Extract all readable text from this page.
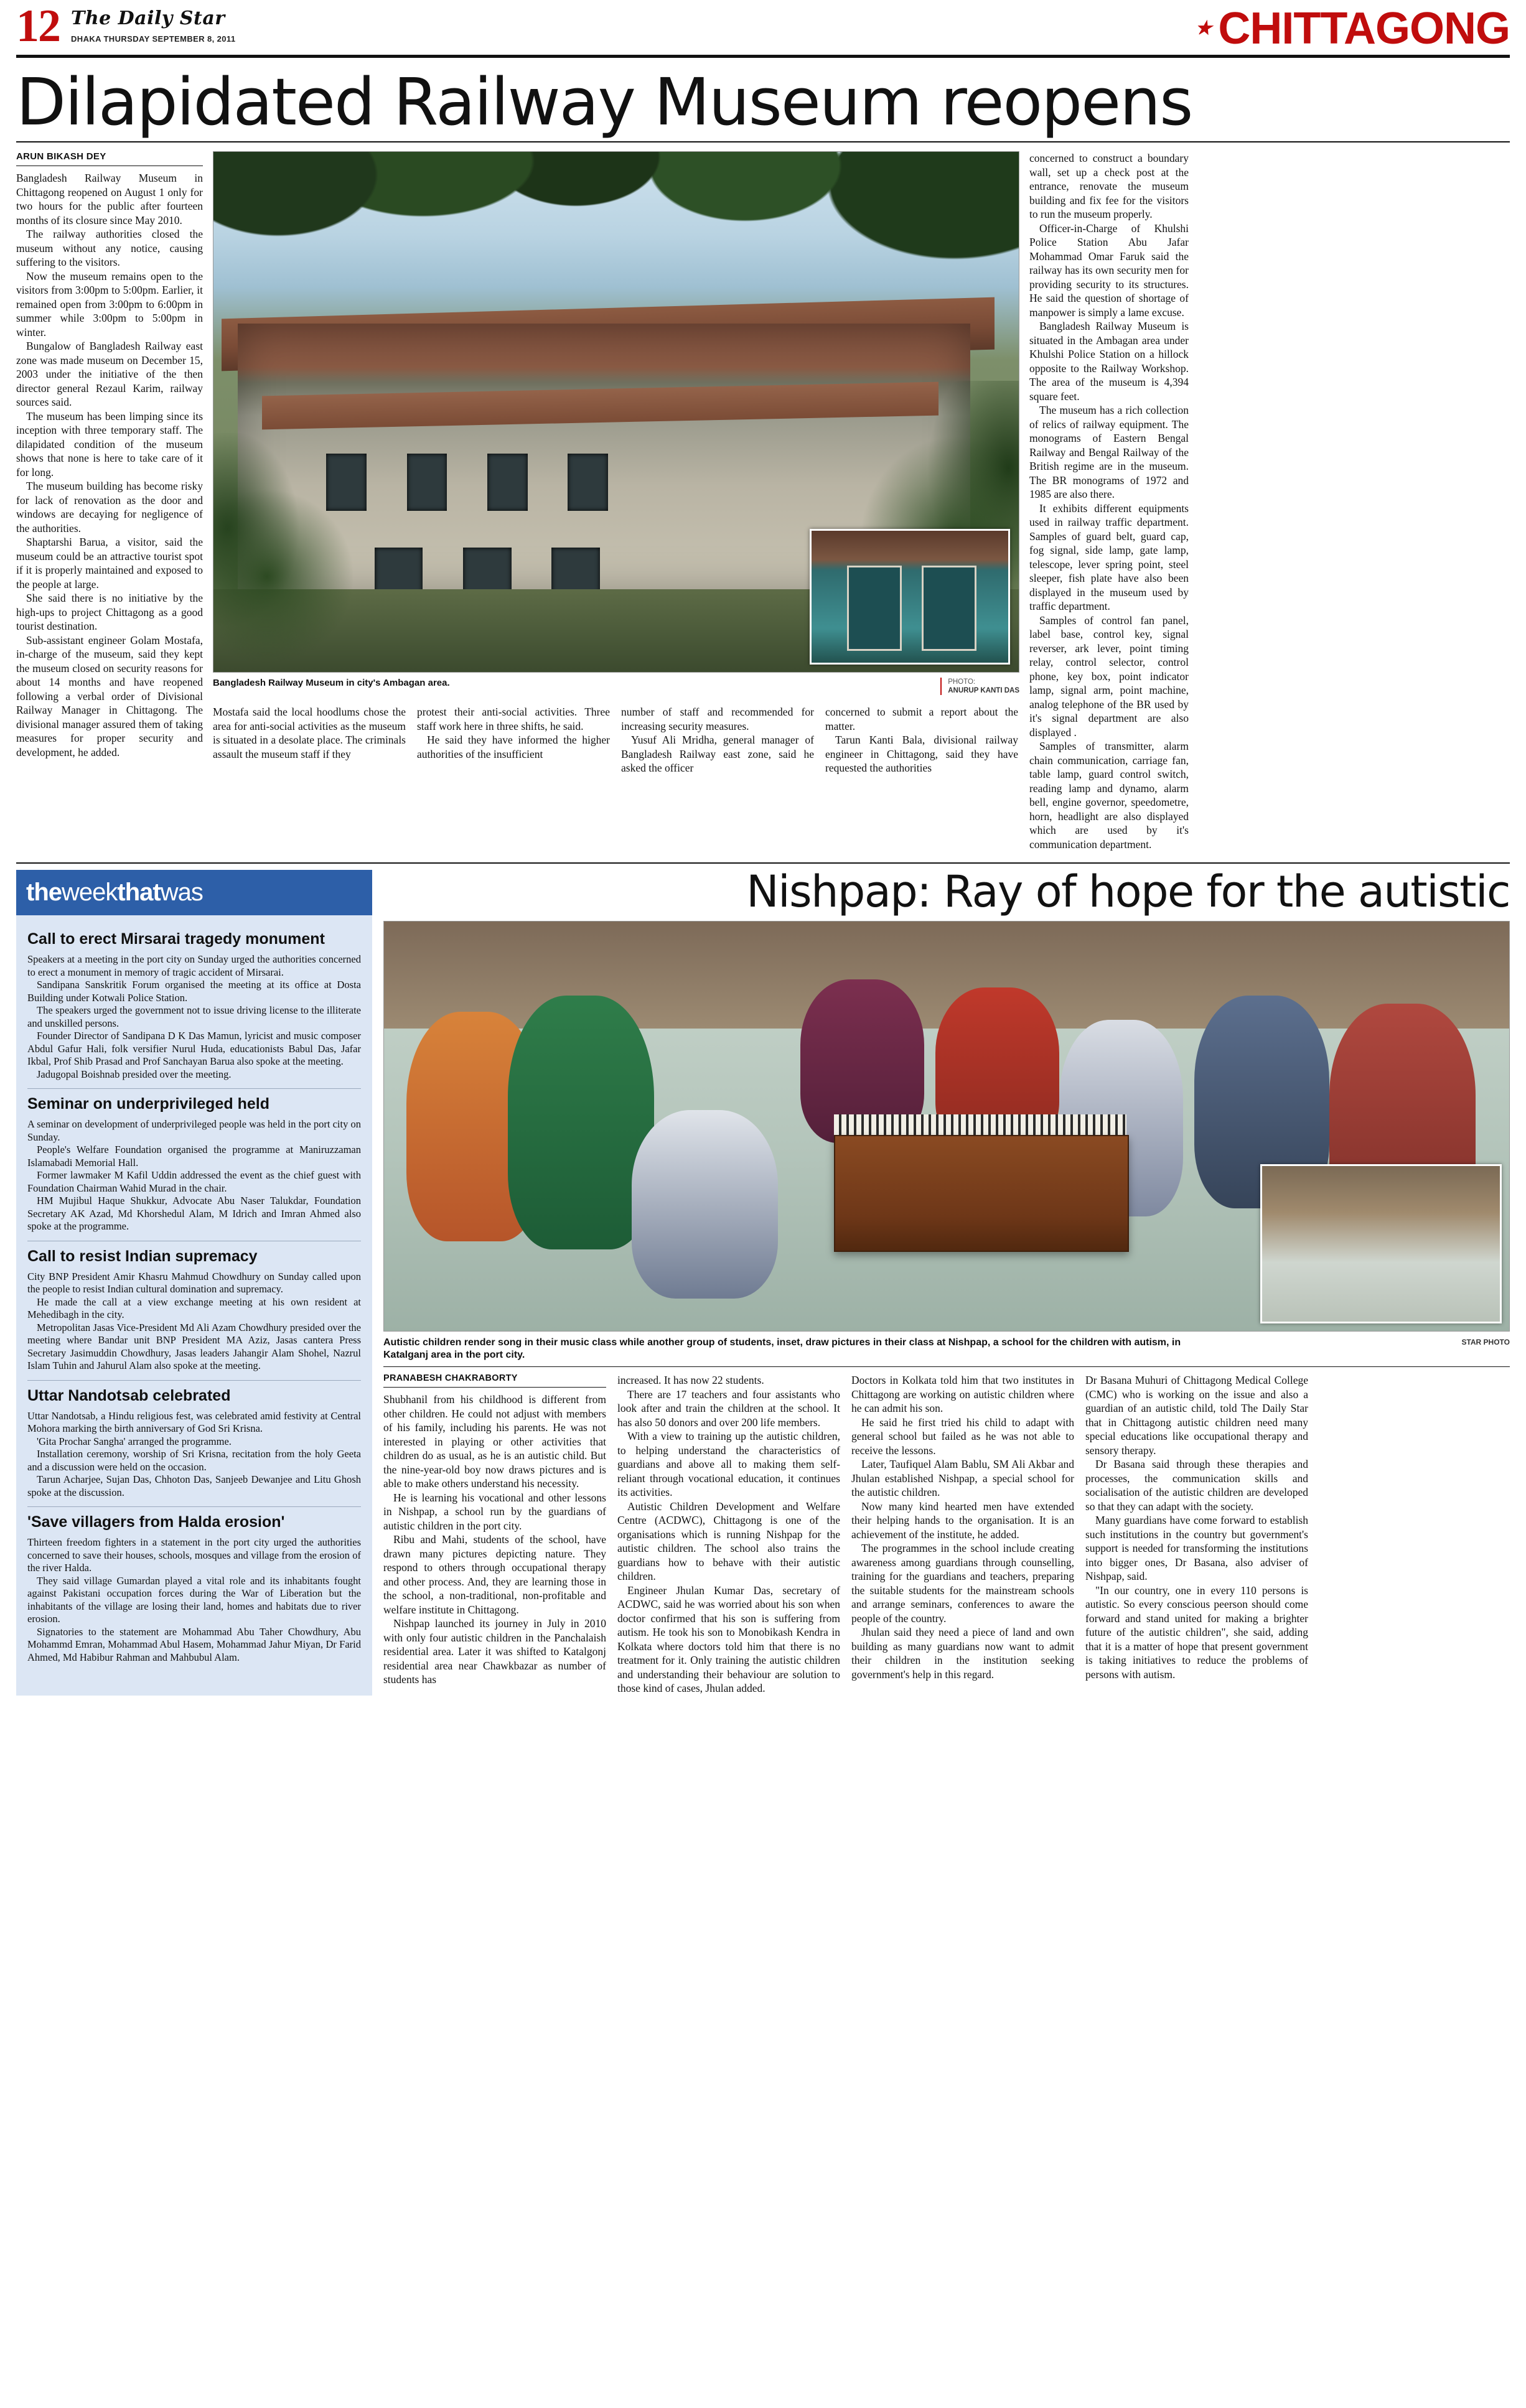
12 The Daily Star
DHAKA THURSDAY SEPTEMBER 8, 2011	★ CHITTAGONG
Dilapidated Railway Museum reopens
ARUN BIKASH DEY

Bangladesh Railway Museum in Chittagong reopened on August 1 only for two hours for the public after fourteen months of its closure since May 2010.

The railway authorities closed the museum without any notice, causing suffering to the visitors.

Now the museum remains open to the visitors from 3:00pm to 5:00pm. Earlier, it remained open from 3:00pm to 6:00pm in summer while 3:00pm to 5:00pm in winter.

Bungalow of Bangladesh Railway east zone was made museum on December 15, 2003 under the initiative of the then director general Rezaul Karim, railway sources said.

The museum has been limping since its inception with three temporary staff. The dilapidated condition of the museum shows that none is here to take care of it for long.

The museum building has become risky for lack of renovation as the door and windows are decaying for negligence of the authorities.

Shaptarshi Barua, a visitor, said the museum could be an attractive tourist spot if it is properly maintained and exposed to the people at large.

She said there is no initiative by the high-ups to project Chittagong as a good tourist destination.

Sub-assistant engineer Golam Mostafa, in-charge of the museum, said they kept the museum closed on security reasons for about 14 months and have reopened following a verbal order of Divisional Railway Manager in Chittagong. The divisional manager assured them of taking measures for proper security and development, he added.

Bangladesh Railway Museum in city's Ambagan area.	PHOTO:
ANURUP KANTI DAS

Mostafa said the local hoodlums chose the area for anti-social activities as the museum is situated in a desolate place. The criminals assault the museum staff if they

protest their anti-social activities. Three staff work here in three shifts, he said.

He said they have informed the higher authorities of the insufficient

number of staff and recommended for increasing security measures.

Yusuf Ali Mridha, general manager of Bangladesh Railway east zone, said he asked the officer

concerned to submit a report about the matter.

Tarun Kanti Bala, divisional railway engineer in Chittagong, said they have requested the authorities

concerned to construct a boundary wall, set up a check post at the entrance, renovate the museum building and fix fee for the visitors to run the museum properly.

Officer-in-Charge of Khulshi Police Station Abu Jafar Mohammad Omar Faruk said the railway has its own security men for providing security to its structures. He said the question of shortage of manpower is simply a lame excuse.

Bangladesh Railway Museum is situated in the Ambagan area under Khulshi Police Station on a hillock opposite to the Railway Workshop. The area of the museum is 4,394 square feet.

The museum has a rich collection of relics of railway equipment. The monograms of Eastern Bengal Railway and Bengal Railway of the British regime are in the museum. The BR monograms of 1972 and 1985 are also there.

It exhibits different equipments used in railway traffic department. Samples of guard belt, guard cap, fog signal, side lamp, gate lamp, telescope, lever spring point, steel sleeper, fish plate have also been displayed in the museum used by traffic department.

Samples of control fan panel, label base, control key, signal reverser, ark lever, point timing relay, control selector, control phone, key box, point indicator lamp, signal arm, point machine, analog telephone of the BR used by it's signal department are also displayed .

Samples of transmitter, alarm chain communication, carriage fan, table lamp, guard control switch, reading lamp and dynamo, alarm bell, engine governor, speedometre, horn, headlight are also displayed which are used by it's communication department.

theweekthatwas
Call to erect Mirsarai tragedy monument

Speakers at a meeting in the port city on Sunday urged the authorities concerned to erect a monument in memory of tragic accident of Mirsarai.

Sandipana Sanskritik Forum organised the meeting at its office at Dosta Building under Kotwali Police Station.

The speakers urged the government not to issue driving license to the illiterate and unskilled persons.

Founder Director of Sandipana D K Das Mamun, lyricist and music composer Abdul Gafur Hali, folk versifier Nurul Huda, educationists Babul Das, Jafar Ikbal, Prof Shib Prasad and Prof Sanchayan Barua also spoke at the meeting.

Jadugopal Boishnab presided over the meeting.

Seminar on underprivileged held

A seminar on development of underprivileged people was held in the port city on Sunday.

People's Welfare Foundation organised the programme at Maniruzzaman Islamabadi Memorial Hall.

Former lawmaker M Kafil Uddin addressed the event as the chief guest with Foundation Chairman Wahid Murad in the chair.

HM Mujibul Haque Shukkur, Advocate Abu Naser Talukdar, Foundation Secretary AK Azad, Md Khorshedul Alam, M Idrich and Imran Ahmed also spoke at the programme.

Call to resist Indian supremacy

City BNP President Amir Khasru Mahmud Chowdhury on Sunday called upon the people to resist Indian cultural domination and supremacy.

He made the call at a view exchange meeting at his own resident at Mehedibagh in the city.

Metropolitan Jasas Vice-President Md Ali Azam Chowdhury presided over the meeting where Bandar unit BNP President MA Aziz, Jasas cantera Press Secretary Jasimuddin Chowdhury, Jasas leaders Jahangir Alam Shohel, Nazrul Islam Tuhin and Jahurul Alam also spoke at the meeting.

Uttar Nandotsab celebrated

Uttar Nandotsab, a Hindu religious fest, was celebrated amid festivity at Central Mohora marking the birth anniversary of God Sri Krisna.

'Gita Prochar Sangha' arranged the programme.

Installation ceremony, worship of Sri Krisna, recitation from the holy Geeta and a discussion were held on the occasion.

Tarun Acharjee, Sujan Das, Chhoton Das, Sanjeeb Dewanjee and Litu Ghosh spoke at the discussion.

'Save villagers from Halda erosion'

Thirteen freedom fighters in a statement in the port city urged the authorities concerned to save their houses, schools, mosques and village from the erosion of the river Halda.

They said village Gumardan played a vital role and its inhabitants fought against Pakistani occupation forces during the War of Liberation but the inhabitants of the village are losing their land, homes and habitats due to river erosion.

Signatories to the statement are Mohammad Abu Taher Chowdhury, Abu Mohammd Emran, Mohammad Abul Hasem, Mohammad Jahur Miyan, Dr Farid Ahmed, Md Habibur Rahman and Mahbubul Alam.

Nishpap: Ray of hope for the autistic
Autistic children render song in their music class while another group of students, inset, draw pictures in their class at Nishpap, a school for the children with autism, in Katalganj area in the port city.
STAR PHOTO
PRANABESH CHAKRABORTY

Shubhanil from his childhood is different from other children. He could not adjust with members of his family, including his parents. He was not interested in playing or other activities that children do as usual, as he is an autistic child. But the nine-year-old boy now draws pictures and is able to make others understand his necessity.

He is learning his vocational and other lessons in Nishpap, a school run by the guardians of autistic children in the port city.

Ribu and Mahi, students of the school, have drawn many pictures depicting nature. They respond to others through occupational therapy and other process. And, they are learning those in the school, a non-traditional, non-profitable and welfare institute in Chittagong.

Nishpap launched its journey in July in 2010 with only four autistic children in the Panchalaish residential area. Later it was shifted to Katalgonj residential area near Chawkbazar as number of students has

increased. It has now 22 students.

There are 17 teachers and four assistants who look after and train the children at the school. It has also 50 donors and over 200 life members.

With a view to training up the autistic children, to helping understand the characteristics of guardians and above all to making them self-reliant through vocational education, it continues its activities.

Autistic Children Development and Welfare Centre (ACDWC), Chittagong is one of the organisations which is running Nishpap for the autistic children. The school also trains the guardians how to behave with their autistic children.

Engineer Jhulan Kumar Das, secretary of ACDWC, said he was worried about his son when doctor confirmed that his son is suffering from autism. He took his son to Monobikash Kendra in Kolkata where doctors told him that there is no treatment for it. Only training the autistic children and understanding their behaviour are solution to those kind of cases, Jhulan added.

Doctors in Kolkata told him that two institutes in Chittagong are working on autistic children where he can admit his son.

He said he first tried his child to adapt with general school but failed as he was not able to receive the lessons.

Later, Taufiquel Alam Bablu, SM Ali Akbar and Jhulan established Nishpap, a special school for the autistic children.

Now many kind hearted men have extended their helping hands to the organisation. It is an achievement of the institute, he added.

The programmes in the school include creating awareness among guardians through counselling, training for the guardians and teachers, preparing the suitable students for the mainstream schools and arrange seminars, conferences to aware the people of the country.

Jhulan said they need a piece of land and own building as many guardians now want to admit their children in the institution seeking government's help in this regard.

Dr Basana Muhuri of Chittagong Medical College (CMC) who is working on the issue and also a guardian of an autistic child, told The Daily Star that in Chittagong autistic children need many special educations like occupational therapy and sensory therapy.

Dr Basana said through these therapies and processes, the communication skills and socialisation of the autistic children are developed so that they can adapt with the society.

Many guardians have come forward to establish such institutions in the country but government's support is needed for transforming the institutions into bigger ones, Dr Basana, also adviser of Nishpap, said.

"In our country, one in every 110 persons is autistic. So every conscious peerson should come forward and stand united for making a brighter future of the autistic children", she said, adding that it is a matter of hope that present government is taking initiatives to reduce the problems of persons with autism.
